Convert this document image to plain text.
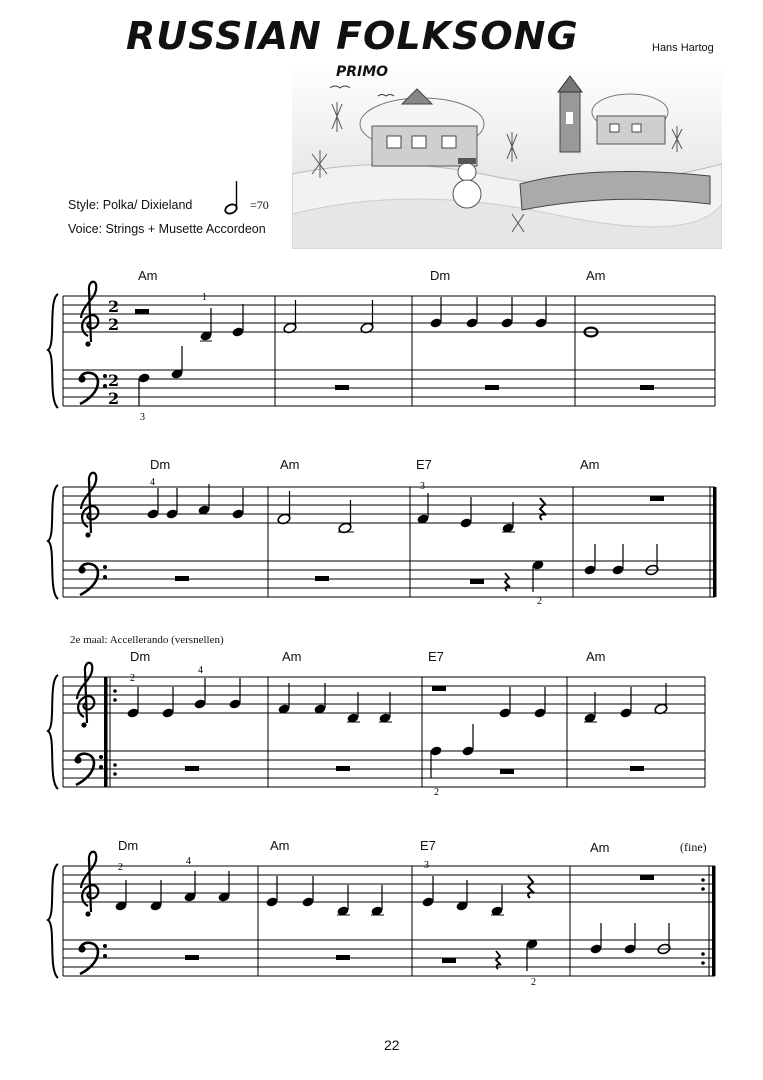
RUSSIAN FOLKSONG	Hans Hartog
PRIMO
Style: Polka/ Dixieland	=70
Voice: Strings + Musette Accordeon
2e maal: Accellerando (versnellen)
(fine)
Am	Dm	Am
Dm	Am	E7	Am
Dm	Am	E7	Am
Dm	Am	E7	Am
2
2
2
2
1
3
4	3
2
2
4
2
2
4	3
2
22
